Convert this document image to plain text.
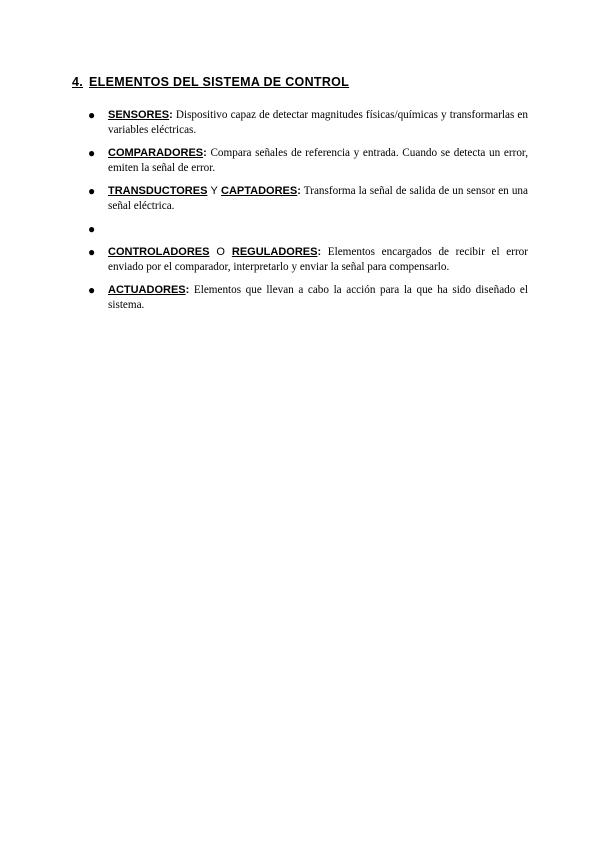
4. ELEMENTOS DEL SISTEMA DE CONTROL
● SENSORES: Dispositivo capaz de detectar magnitudes físicas/químicas y transformarlas en variables eléctricas.
● COMPARADORES: Compara señales de referencia y entrada. Cuando se detecta un error, emiten la señal de error.
● TRANSDUCTORES Y CAPTADORES: Transforma la señal de salida de un sensor en una señal eléctrica.
●
● CONTROLADORES O REGULADORES: Elementos encargados de recibir el error enviado por el comparador, interpretarlo y enviar la señal para compensarlo.
● ACTUADORES: Elementos que llevan a cabo la acción para la que ha sido diseñado el sistema.
